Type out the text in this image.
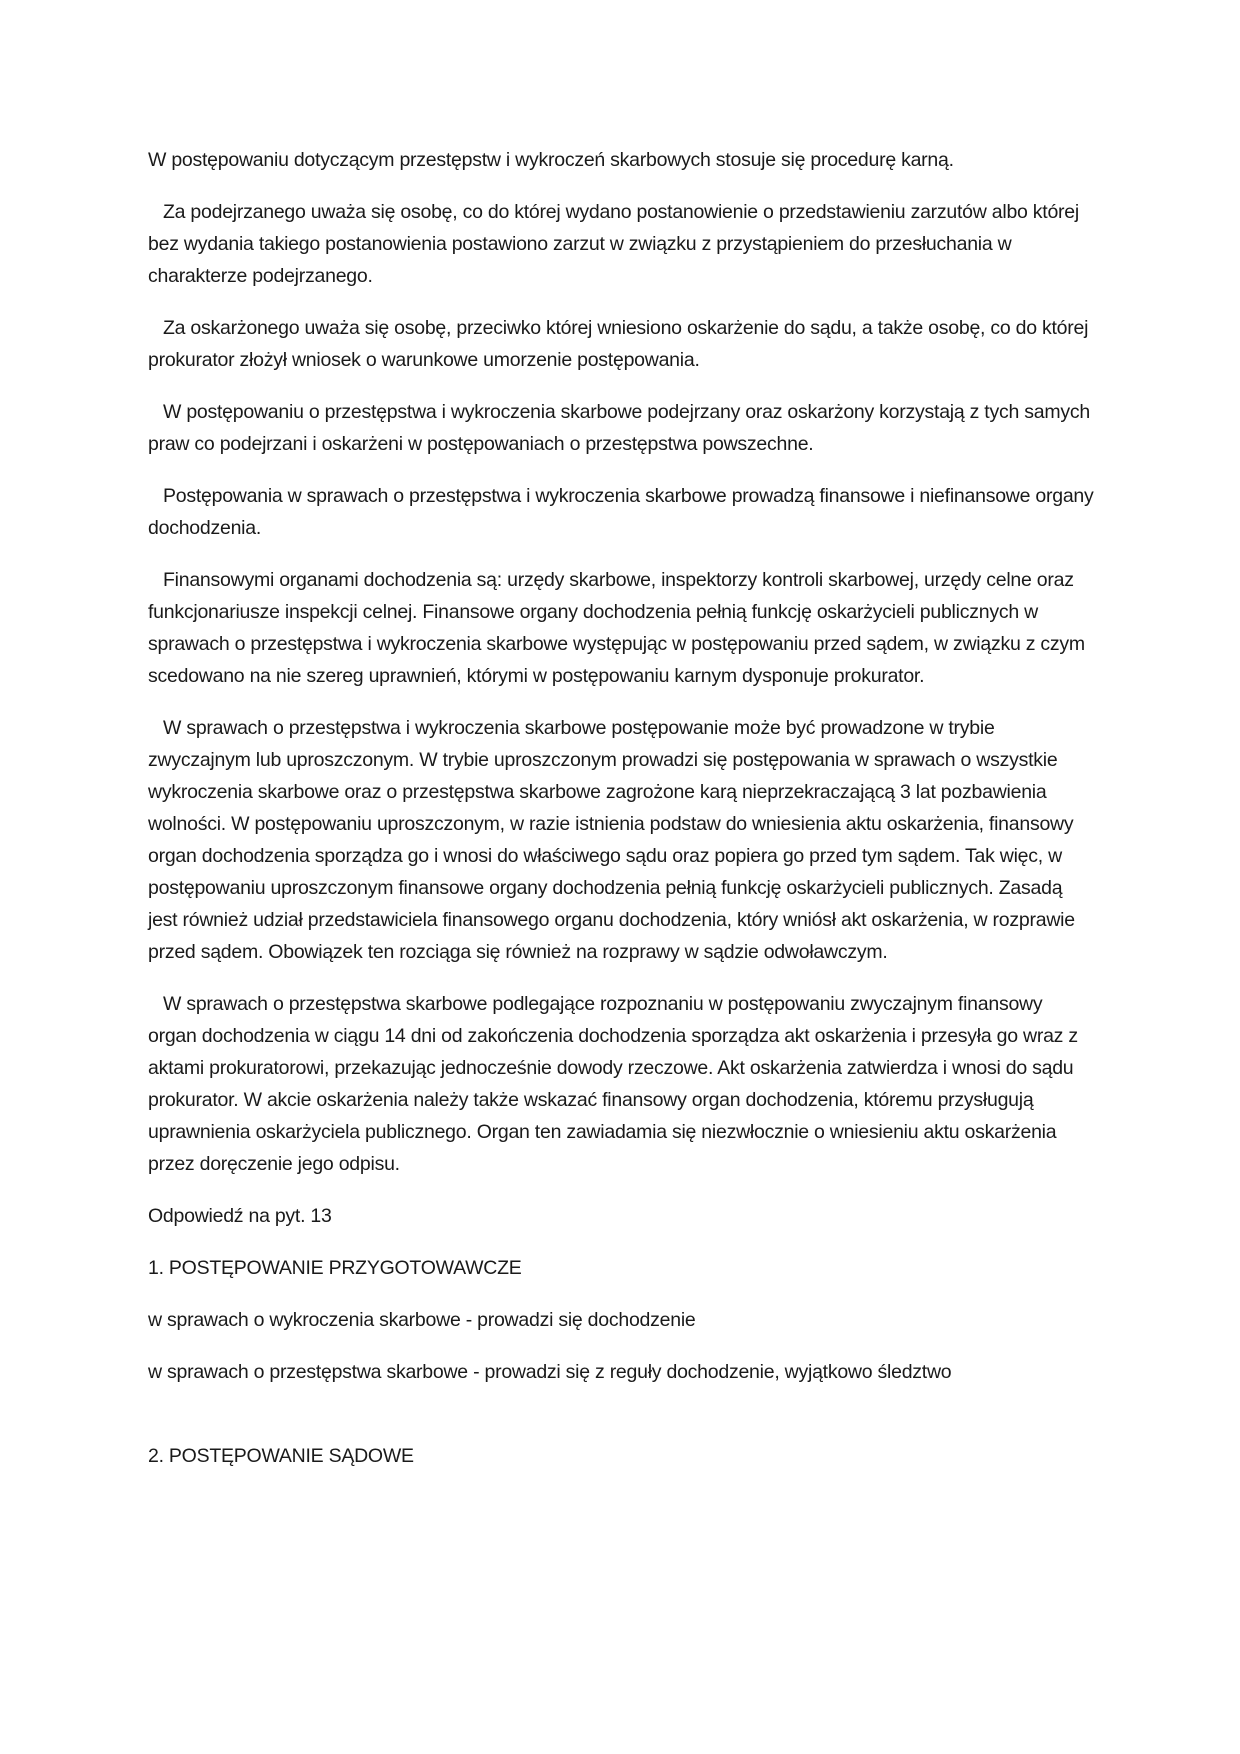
W postępowaniu dotyczącym przestępstw i wykroczeń skarbowych stosuje się procedurę karną.

Za podejrzanego uważa się osobę, co do której wydano postanowienie o przedstawieniu zarzutów albo której bez wydania takiego postanowienia postawiono zarzut w związku z przystąpieniem do przesłuchania w charakterze podejrzanego.

Za oskarżonego uważa się osobę, przeciwko której wniesiono oskarżenie do sądu, a także osobę, co do której prokurator złożył wniosek o warunkowe umorzenie postępowania.

W postępowaniu o przestępstwa i wykroczenia skarbowe podejrzany oraz oskarżony korzystają z tych samych praw co podejrzani i oskarżeni w postępowaniach o przestępstwa powszechne.

Postępowania w sprawach o przestępstwa i wykroczenia skarbowe prowadzą finansowe i niefinansowe organy dochodzenia.

Finansowymi organami dochodzenia są: urzędy skarbowe, inspektorzy kontroli skarbowej, urzędy celne oraz funkcjonariusze inspekcji celnej. Finansowe organy dochodzenia pełnią funkcję oskarżycieli publicznych w sprawach o przestępstwa i wykroczenia skarbowe występując w postępowaniu przed sądem, w związku z czym scedowano na nie szereg uprawnień, którymi w postępowaniu karnym dysponuje prokurator.

W sprawach o przestępstwa i wykroczenia skarbowe postępowanie może być prowadzone w trybie zwyczajnym lub uproszczonym. W trybie uproszczonym prowadzi się postępowania w sprawach o wszystkie wykroczenia skarbowe oraz o przestępstwa skarbowe zagrożone karą nieprzekraczającą 3 lat pozbawienia wolności. W postępowaniu uproszczonym, w razie istnienia podstaw do wniesienia aktu oskarżenia, finansowy organ dochodzenia sporządza go i wnosi do właściwego sądu oraz popiera go przed tym sądem. Tak więc, w postępowaniu uproszczonym finansowe organy dochodzenia pełnią funkcję oskarżycieli publicznych. Zasadą jest również udział przedstawiciela finansowego organu dochodzenia, który wniósł akt oskarżenia, w rozprawie przed sądem. Obowiązek ten rozciąga się również na rozprawy w sądzie odwoławczym.

W sprawach o przestępstwa skarbowe podlegające rozpoznaniu w postępowaniu zwyczajnym finansowy organ dochodzenia w ciągu 14 dni od zakończenia dochodzenia sporządza akt oskarżenia i przesyła go wraz z aktami prokuratorowi, przekazując jednocześnie dowody rzeczowe. Akt oskarżenia zatwierdza i wnosi do sądu prokurator. W akcie oskarżenia należy także wskazać finansowy organ dochodzenia, któremu przysługują uprawnienia oskarżyciela publicznego. Organ ten zawiadamia się niezwłocznie o wniesieniu aktu oskarżenia przez doręczenie jego odpisu.

Odpowiedź na pyt. 13

1. POSTĘPOWANIE PRZYGOTOWAWCZE

w sprawach o wykroczenia skarbowe - prowadzi się dochodzenie

w sprawach o przestępstwa skarbowe - prowadzi się z reguły dochodzenie, wyjątkowo śledztwo

2. POSTĘPOWANIE SĄDOWE
